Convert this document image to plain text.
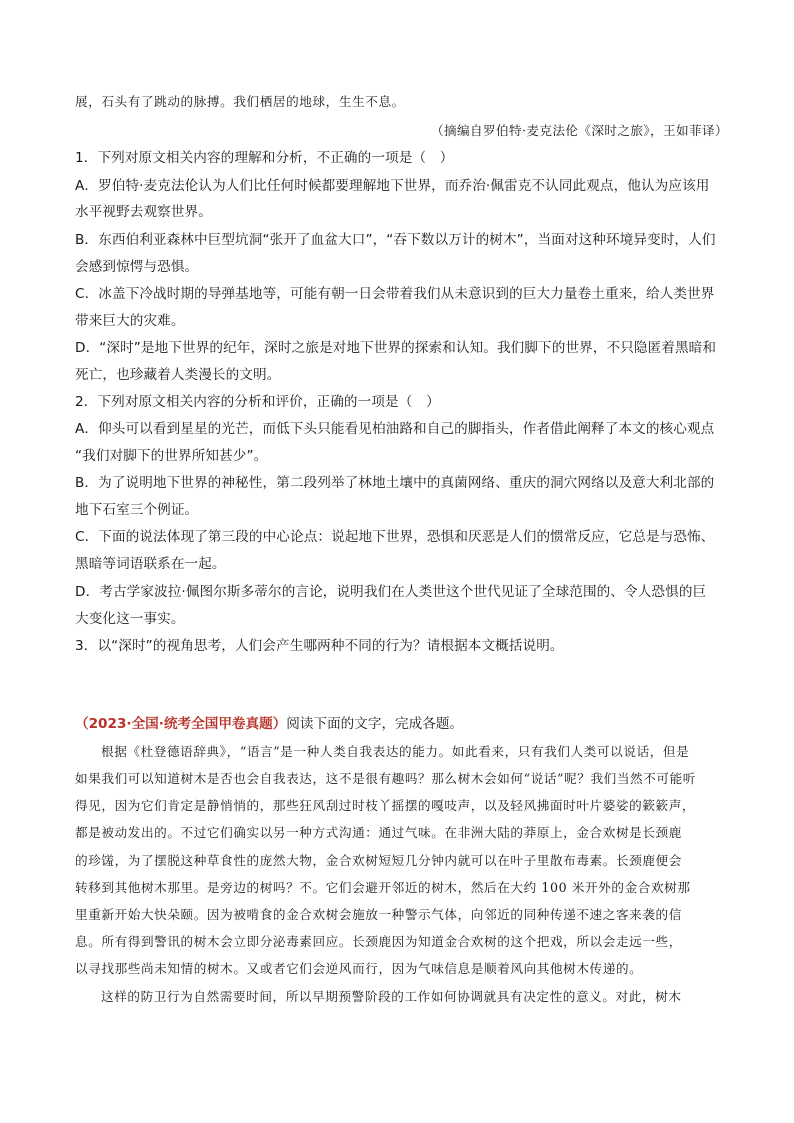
展，石头有了跳动的脉搏。我们栖居的地球，生生不息。
（摘编自罗伯特·麦克法伦《深时之旅》，王如菲译）
1．下列对原文相关内容的理解和分析，不正确的一项是（　）
A．罗伯特·麦克法伦认为人们比任何时候都要理解地下世界，而乔治·佩雷克不认同此观点，他认为应该用
水平视野去观察世界。
B．东西伯利亚森林中巨型坑洞“张开了血盆大口”，“吞下数以万计的树木”，当面对这种环境异变时，人们
会感到惊愕与恐惧。
C．冰盖下冷战时期的导弹基地等，可能有朝一日会带着我们从未意识到的巨大力量卷土重来，给人类世界
带来巨大的灾难。
D．“深时”是地下世界的纪年，深时之旅是对地下世界的探索和认知。我们脚下的世界，不只隐匿着黑暗和
死亡，也珍藏着人类漫长的文明。
2．下列对原文相关内容的分析和评价，正确的一项是（　）
A．仰头可以看到星星的光芒，而低下头只能看见柏油路和自己的脚指头，作者借此阐释了本文的核心观点
“我们对脚下的世界所知甚少”。
B．为了说明地下世界的神秘性，第二段列举了林地土壤中的真菌网络、重庆的洞穴网络以及意大利北部的
地下石室三个例证。
C．下面的说法体现了第三段的中心论点：说起地下世界，恐惧和厌恶是人们的惯常反应，它总是与恐怖、
黑暗等词语联系在一起。
D．考古学家波拉·佩图尔斯多蒂尔的言论，说明我们在人类世这个世代见证了全球范围的、令人恐惧的巨
大变化这一事实。
3．以“深时”的视角思考，人们会产生哪两种不同的行为？请根据本文概括说明。
（2023·全国·统考全国甲卷真题）阅读下面的文字，完成各题。
根据《杜登德语辞典》，“语言”是一种人类自我表达的能力。如此看来，只有我们人类可以说话，但是
如果我们可以知道树木是否也会自我表达，这不是很有趣吗？那么树木会如何“说话”呢？我们当然不可能听
得见，因为它们肯定是静悄悄的，那些狂风刮过时枝丫摇摆的嘎吱声，以及轻风拂面时叶片婆娑的簌簌声，
都是被动发出的。不过它们确实以另一种方式沟通：通过气味。在非洲大陆的莽原上，金合欢树是长颈鹿
的珍馐，为了摆脱这种草食性的庞然大物，金合欢树短短几分钟内就可以在叶子里散布毒素。长颈鹿便会
转移到其他树木那里。是旁边的树吗？不。它们会避开邻近的树木，然后在大约 100 米开外的金合欢树那
里重新开始大快朵颐。因为被啃食的金合欢树会施放一种警示气体，向邻近的同种传递不速之客来袭的信
息。所有得到警讯的树木会立即分泌毒素回应。长颈鹿因为知道金合欢树的这个把戏，所以会走远一些，
以寻找那些尚未知情的树木。又或者它们会逆风而行，因为气味信息是顺着风向其他树木传递的。
这样的防卫行为自然需要时间，所以早期预警阶段的工作如何协调就具有决定性的意义。对此，树木
